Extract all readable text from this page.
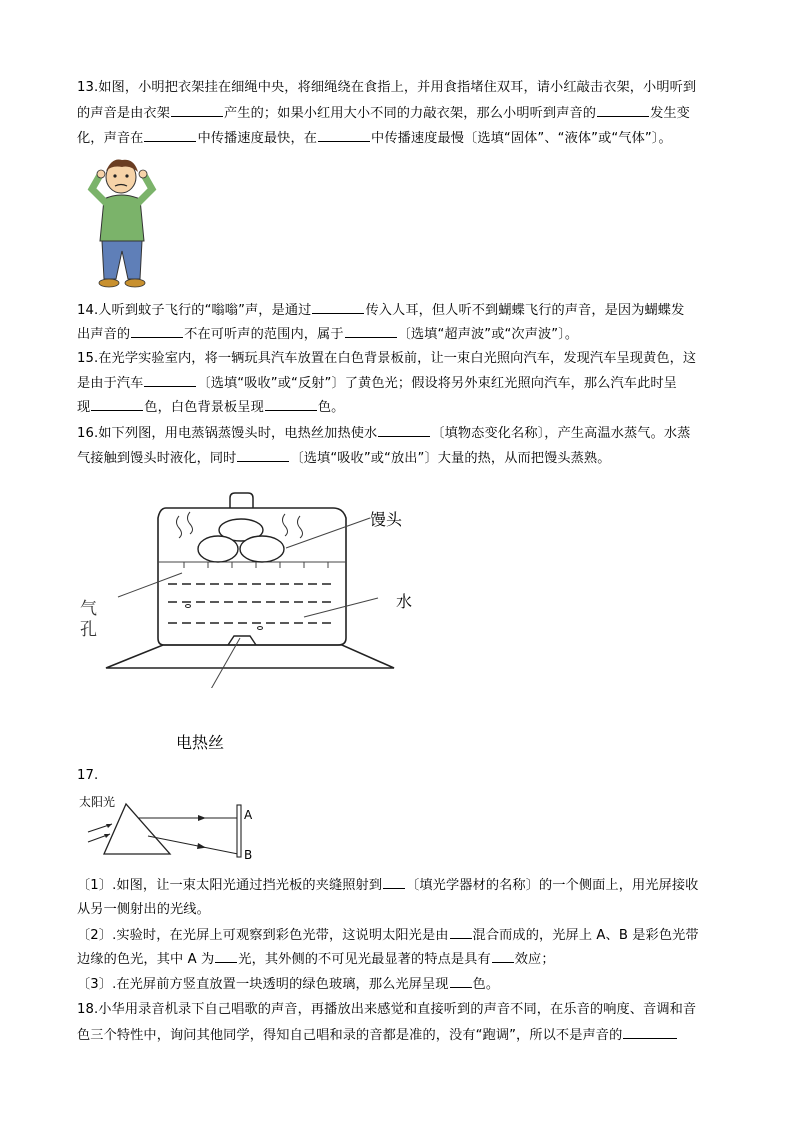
13.如图，小明把衣架挂在细绳中央，将细绳绕在食指上，并用食指堵住双耳，请小红敲击衣架，小明听到
的声音是由衣架	产生的；如果小红用大小不同的力敲衣架，那么小明听到声音的	发生变
化，声音在	中传播速度最快，在	中传播速度最慢〔选填“固体”、“液体”或“气体”〕。
14.人听到蚊子飞行的“嗡嗡”声，是通过	传入人耳，但人听不到蝴蝶飞行的声音，是因为蝴蝶发
出声音的	不在可听声的范围内，属于	〔选填“超声波”或“次声波”〕。
15.在光学实验室内，将一辆玩具汽车放置在白色背景板前，让一束白光照向汽车，发现汽车呈现黄色，这
是由于汽车	〔选填“吸收”或“反射”〕了黄色光；假设将另外束红光照向汽车，那么汽车此时呈
现	色，白色背景板呈现	色。
16.如下列图，用电蒸锅蒸馒头时，电热丝加热使水	〔填物态变化名称〕，产生高温水蒸气。水蒸
气接触到馒头时液化，同时	〔选填“吸收”或“放出”〕大量的热，从而把馒头蒸熟。
馒头
水
气
孔
电热丝
17.
太阳光
A
B
〔1〕.如图，让一束太阳光通过挡光板的夹缝照射到 〔填光学器材的名称〕的一个侧面上，用光屏接收
从另一侧射出的光线。
〔2〕.实验时，在光屏上可观察到彩色光带，这说明太阳光是由 混合而成的，光屏上 A、B 是彩色光带
边缘的色光，其中 A 为 光，其外侧的不可见光最显著的特点是具有 效应；
〔3〕.在光屏前方竖直放置一块透明的绿色玻璃，那么光屏呈现 色。
18.小华用录音机录下自己唱歌的声音，再播放出来感觉和直接听到的声音不同，在乐音的响度、音调和音
色三个特性中，询问其他同学，得知自己唱和录的音都是准的，没有“跑调”，所以不是声音的
